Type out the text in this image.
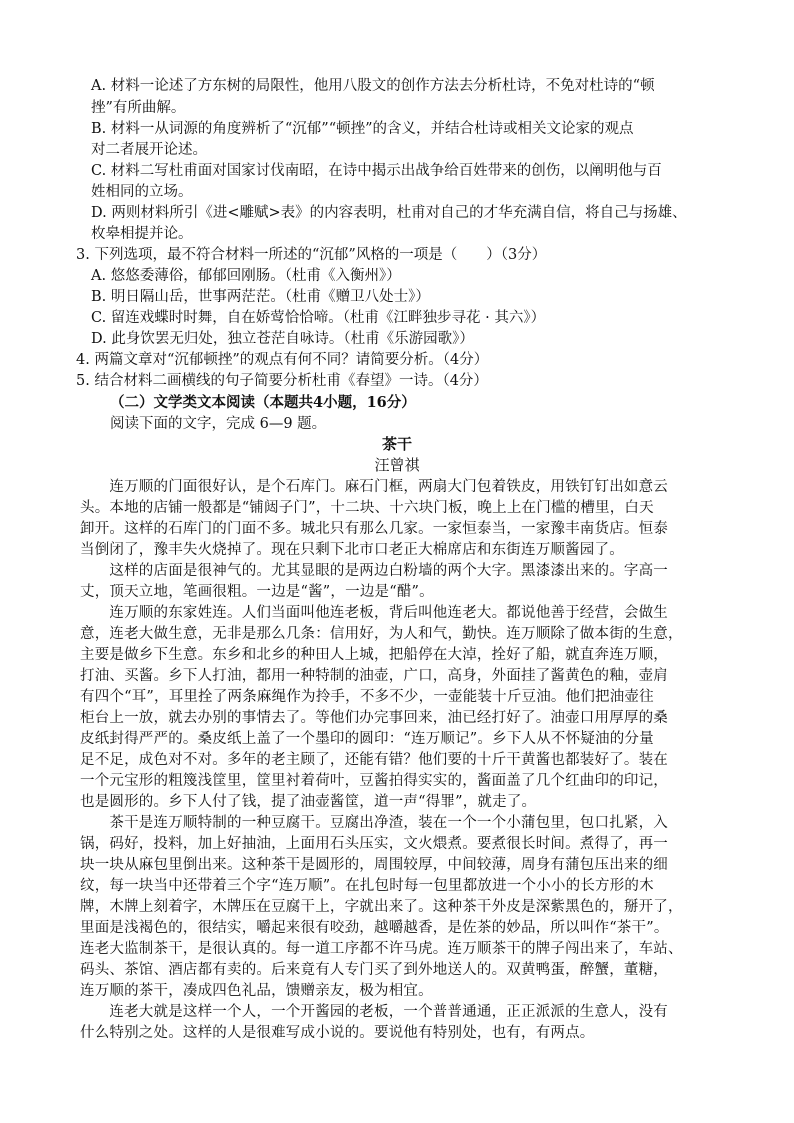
A. 材料一论述了方东树的局限性，他用八股文的创作方法去分析杜诗，不免对杜诗的“顿
挫”有所曲解。
B. 材料一从词源的角度辨析了“沉郁”“顿挫”的含义，并结合杜诗或相关文论家的观点
对二者展开论述。
C. 材料二写杜甫面对国家讨伐南昭，在诗中揭示出战争给百姓带来的创伤，以阐明他与百
姓相同的立场。
D. 两则材料所引《进<雕赋>表》的内容表明，杜甫对自己的才华充满自信，将自己与扬雄、
枚皋相提并论。
3. 下列选项，最不符合材料一所述的“沉郁”风格的一项是（　　）（3分）
A. 悠悠委薄俗，郁郁回刚肠。（杜甫《入衡州》）
B. 明日隔山岳，世事两茫茫。（杜甫《赠卫八处士》）
C. 留连戏蝶时时舞，自在娇莺恰恰啼。（杜甫《江畔独步寻花 · 其六》）
D. 此身饮罢无归处，独立苍茫自咏诗。（杜甫《乐游园歌》）
4. 两篇文章对“沉郁顿挫”的观点有何不同？请简要分析。（4分）
5. 结合材料二画横线的句子简要分析杜甫《春望》一诗。（4分）
（二）文学类文本阅读（本题共4小题，16分）
阅读下面的文字，完成 6—9 题。
茶干
汪曾祺
　　连万顺的门面很好认，是个石库门。麻石门框，两扇大门包着铁皮，用铁钉钉出如意云
头。本地的店铺一般都是“铺闼子门”，十二块、十六块门板，晚上上在门槛的槽里，白天
卸开。这样的石库门的门面不多。城北只有那么几家。一家恒泰当，一家豫丰南货店。恒泰
当倒闭了，豫丰失火烧掉了。现在只剩下北市口老正大棉席店和东街连万顺酱园了。
　　这样的店面是很神气的。尤其显眼的是两边白粉墙的两个大字。黑漆漆出来的。字高一
丈，顶天立地，笔画很粗。一边是“酱”，一边是“醋”。
　　连万顺的东家姓连。人们当面叫他连老板，背后叫他连老大。都说他善于经营，会做生
意，连老大做生意，无非是那么几条：信用好，为人和气，勤快。连万顺除了做本街的生意，
主要是做乡下生意。东乡和北乡的种田人上城，把船停在大淖，拴好了船，就直奔连万顺，
打油、买酱。乡下人打油，都用一种特制的油壶，广口，高身，外面挂了酱黄色的釉，壶肩
有四个“耳”，耳里拴了两条麻绳作为拎手，不多不少，一壶能装十斤豆油。他们把油壶往
柜台上一放，就去办别的事情去了。等他们办完事回来，油已经打好了。油壶口用厚厚的桑
皮纸封得严严的。桑皮纸上盖了一个墨印的圆印：“连万顺记”。乡下人从不怀疑油的分量
足不足，成色对不对。多年的老主顾了，还能有错？他们要的十斤干黄酱也都装好了。装在
一个元宝形的粗篾浅筐里，筐里衬着荷叶，豆酱拍得实实的，酱面盖了几个红曲印的印记，
也是圆形的。乡下人付了钱，提了油壶酱筐，道一声“得罪”，就走了。
　　茶干是连万顺特制的一种豆腐干。豆腐出净渣，装在一个一个小蒲包里，包口扎紧，入
锅，码好，投料，加上好抽油，上面用石头压实，文火煨煮。要煮很长时间。煮得了，再一
块一块从麻包里倒出来。这种茶干是圆形的，周围较厚，中间较薄，周身有蒲包压出来的细
纹，每一块当中还带着三个字“连万顺”。在扎包时每一包里都放进一个小小的长方形的木
牌，木牌上刻着字，木牌压在豆腐干上，字就出来了。这种茶干外皮是深紫黑色的，掰开了，
里面是浅褐色的，很结实，嚼起来很有咬劲，越嚼越香，是佐茶的妙品，所以叫作“茶干”。
连老大监制茶干，是很认真的。每一道工序都不许马虎。连万顺茶干的牌子闯出来了，车站、
码头、茶馆、酒店都有卖的。后来竟有人专门买了到外地送人的。双黄鸭蛋，醉蟹，董糖，
连万顺的茶干，凑成四色礼品，馈赠亲友，极为相宜。
　　连老大就是这样一个人，一个开酱园的老板，一个普普通通，正正派派的生意人，没有
什么特别之处。这样的人是很难写成小说的。要说他有特别处，也有，有两点。
